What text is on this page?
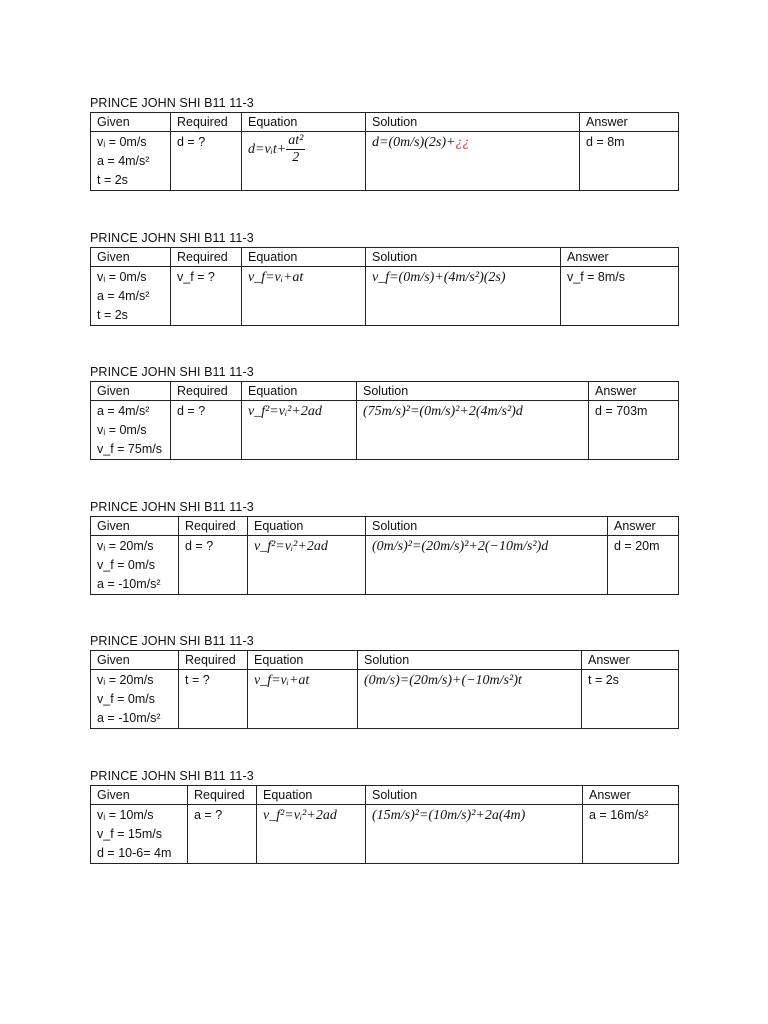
PRINCE JOHN SHI B11 11-3
Given	Required	Equation	Solution	Answer

vᵢ = 0m/s
a = 4m/s²
t = 2s	d = ?	d=vᵢt+ $\frac{\text{at²}}{2}$	d=(0m/s)(2s)+¿¿	d = 8m
PRINCE JOHN SHI B11 11-3
Given	Required	Equation	Solution	Answer

vᵢ = 0m/s
a = 4m/s²
t = 2s	v_f = ?	v_f=vᵢ+at	v_f=(0m/s)+(4m/s²)(2s)	v_f = 8m/s
PRINCE JOHN SHI B11 11-3
Given	Required	Equation	Solution	Answer

a = 4m/s²
vᵢ = 0m/s
v_f = 75m/s	d = ?	v_f²=vᵢ²+2ad	(75m/s)²=(0m/s)²+2(4m/s²)d	d = 703m
PRINCE JOHN SHI B11 11-3
Given	Required	Equation	Solution	Answer

vᵢ = 20m/s
v_f = 0m/s
a = -10m/s²	d = ?	v_f²=vᵢ²+2ad	(0m/s)²=(20m/s)²+2(−10m/s²)d	d = 20m
PRINCE JOHN SHI B11 11-3
Given	Required	Equation	Solution	Answer

vᵢ = 20m/s
v_f = 0m/s
a = -10m/s²	t = ?	v_f=vᵢ+at	(0m/s)=(20m/s)+(−10m/s²)t	t = 2s
PRINCE JOHN SHI B11 11-3
Given	Required	Equation	Solution	Answer

vᵢ = 10m/s
v_f = 15m/s
d = 10-6= 4m	a = ?	v_f²=vᵢ²+2ad	(15m/s)²=(10m/s)²+2a(4m)	a = 16m/s²
